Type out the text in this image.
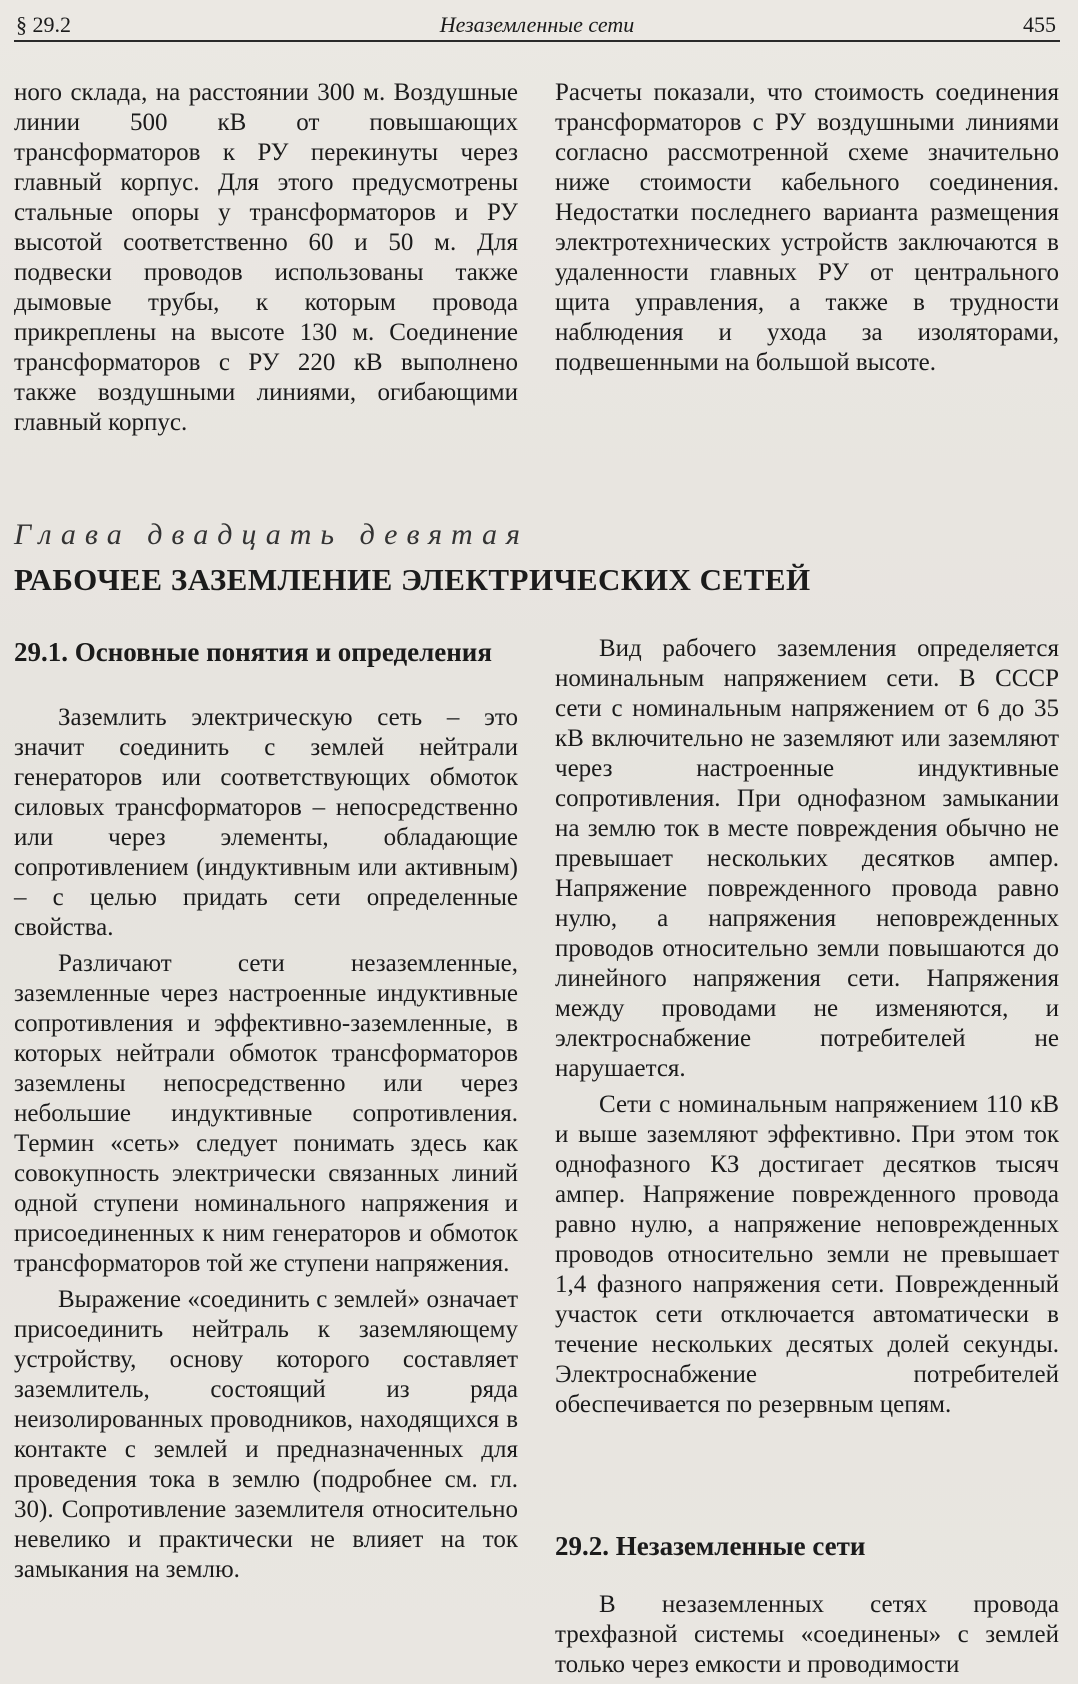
§ 29.2	Незаземленные сети	455

ного склада, на расстоянии 300 м. Воздушные линии 500 кВ от повышающих трансформаторов к РУ перекинуты через главный корпус. Для этого предусмотрены стальные опоры у трансформаторов и РУ высотой соответственно 60 и 50 м. Для подвески проводов использованы также дымовые трубы, к которым провода прикреплены на высоте 130 м. Соединение трансформаторов с РУ 220 кВ выполнено также воздушными линиями, огибающими главный корпус.

Расчеты показали, что стоимость соединения трансформаторов с РУ воздушными линиями согласно рассмотренной схеме значительно ниже стоимости кабельного соединения. Недостатки последнего варианта размещения электротехнических устройств заключаются в удаленности главных РУ от центрального щита управления, а также в трудности наблюдения и ухода за изоляторами, подвешенными на большой высоте.

Глава двадцать девятая
РАБОЧЕЕ ЗАЗЕМЛЕНИЕ ЭЛЕКТРИЧЕСКИХ СЕТЕЙ
29.1. Основные понятия и определения

Заземлить электрическую сеть – это значит соединить с землей нейтрали генераторов или соответствующих обмоток силовых трансформаторов – непосредственно или через элементы, обладающие сопротивлением (индуктивным или активным) – с целью придать сети определенные свойства.

Различают сети незаземленные, заземленные через настроенные индуктивные сопротивления и эффективно-заземленные, в которых нейтрали обмоток трансформаторов заземлены непосредственно или через небольшие индуктивные сопротивления. Термин «сеть» следует понимать здесь как совокупность электрически связанных линий одной ступени номинального напряжения и присоединенных к ним генераторов и обмоток трансформаторов той же ступени напряжения.

Выражение «соединить с землей» означает присоединить нейтраль к заземляющему устройству, основу которого составляет заземлитель, состоящий из ряда неизолированных проводников, находящихся в контакте с землей и предназначенных для проведения тока в землю (подробнее см. гл. 30). Сопротивление заземлителя относительно невелико и практически не влияет на ток замыкания на землю.

Вид рабочего заземления определяется номинальным напряжением сети. В СССР сети с номинальным напряжением от 6 до 35 кВ включительно не заземляют или заземляют через настроенные индуктивные сопротивления. При однофазном замыкании на землю ток в месте повреждения обычно не превышает нескольких десятков ампер. Напряжение поврежденного провода равно нулю, а напряжения неповрежденных проводов относительно земли повышаются до линейного напряжения сети. Напряжения между проводами не изменяются, и электроснабжение потребителей не нарушается.

Сети с номинальным напряжением 110 кВ и выше заземляют эффективно. При этом ток однофазного КЗ достигает десятков тысяч ампер. Напряжение поврежденного провода равно нулю, а напряжение неповрежденных проводов относительно земли не превышает 1,4 фазного напряжения сети. Поврежденный участок сети отключается автоматически в течение нескольких десятых долей секунды. Электроснабжение потребителей обеспечивается по резервным цепям.

29.2. Незаземленные сети

В незаземленных сетях провода трехфазной системы «соединены» с землей только через емкости и проводимости
